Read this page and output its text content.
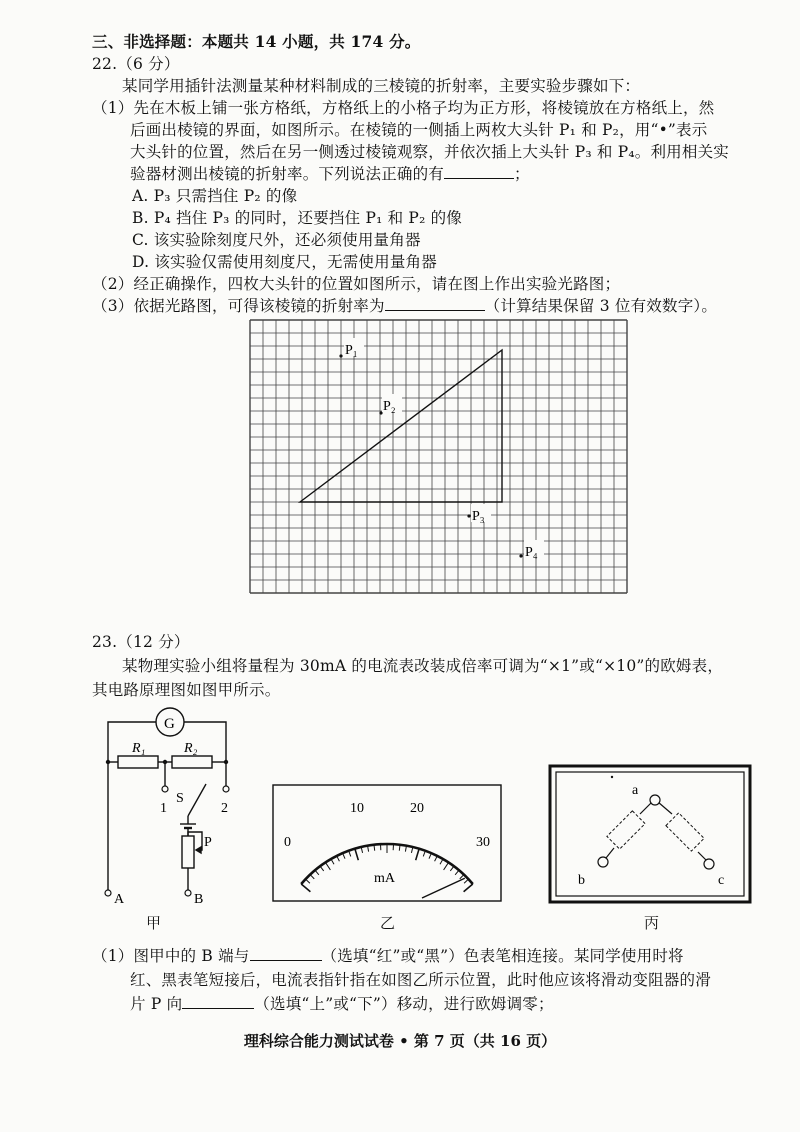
三、非选择题：本题共 14 小题，共 174 分。
22.（6 分）
某同学用插针法测量某种材料制成的三棱镜的折射率，主要实验步骤如下：
（1）先在木板上铺一张方格纸，方格纸上的小格子均为正方形，将棱镜放在方格纸上，然
后画出棱镜的界面，如图所示。在棱镜的一侧插上两枚大头针 P₁ 和 P₂，用“•”表示
大头针的位置，然后在另一侧透过棱镜观察，并依次插上大头针 P₃ 和 P₄。利用相关实
验器材测出棱镜的折射率。下列说法正确的有	；
A. P₃ 只需挡住 P₂ 的像
B. P₄ 挡住 P₃ 的同时，还要挡住 P₁ 和 P₂ 的像
C. 该实验除刻度尺外，还必须使用量角器
D. 该实验仅需使用刻度尺，无需使用量角器
（2）经正确操作，四枚大头针的位置如图所示，请在图上作出实验光路图；
（3）依据光路图，可得该棱镜的折射率为	（计算结果保留 3 位有效数字）。
P₁
P₂
P₃
P₄
23.（12 分）
某物理实验小组将量程为 30mA 的电流表改装成倍率可调为“×1”或“×10”的欧姆表，
其电路原理图如图甲所示。
G
R₁	R₂
1	2
S
P
A	B
0
10	20
30
mA
a
b	c
甲	乙	丙
（1）图甲中的 B 端与	（选填“红”或“黑”）色表笔相连接。某同学使用时将
红、黑表笔短接后，电流表指针指在如图乙所示位置，此时他应该将滑动变阻器的滑
片 P 向	（选填“上”或“下”）移动，进行欧姆调零；
理科综合能力测试试卷 • 第 7 页（共 16 页）
